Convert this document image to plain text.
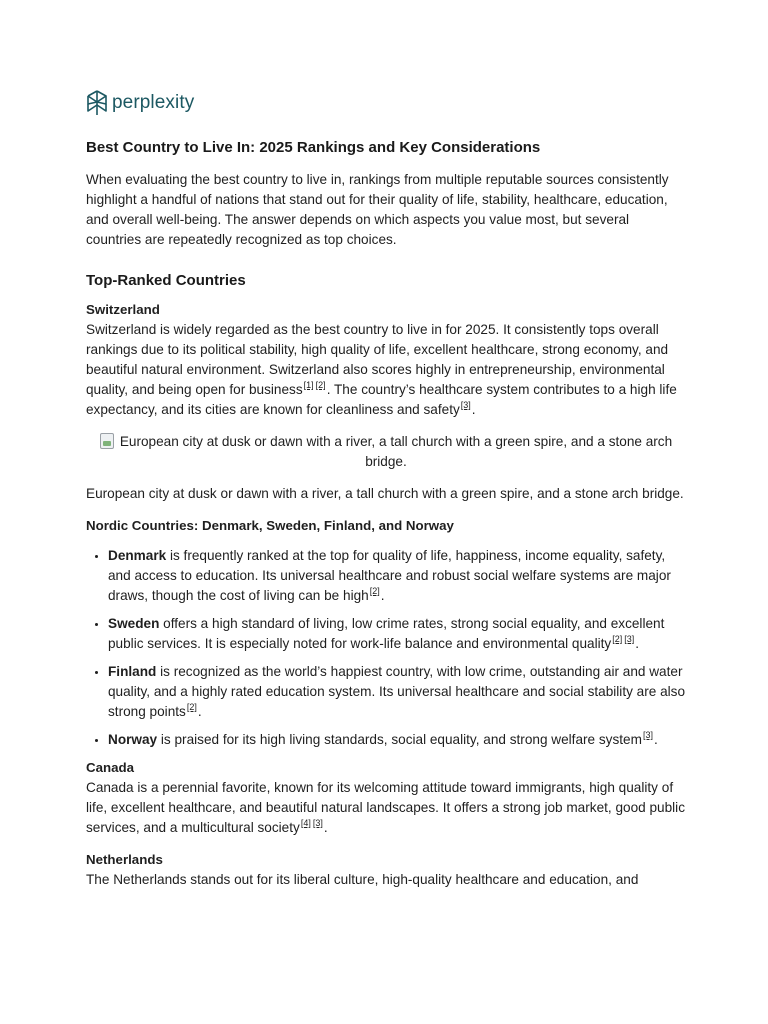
perplexity
Best Country to Live In: 2025 Rankings and Key Considerations

When evaluating the best country to live in, rankings from multiple reputable sources consistently highlight a handful of nations that stand out for their quality of life, stability, healthcare, education, and overall well-being. The answer depends on which aspects you value most, but several countries are repeatedly recognized as top choices.

Top-Ranked Countries

Switzerland

Switzerland is widely regarded as the best country to live in for 2025. It consistently tops overall rankings due to its political stability, high quality of life, excellent healthcare, strong economy, and beautiful natural environment. Switzerland also scores highly in entrepreneurship, environmental quality, and being open for business[1] [2]. The country’s healthcare system contributes to a high life expectancy, and its cities are known for cleanliness and safety[3].

European city at dusk or dawn with a river, a tall church with a green spire, and a stone arch bridge.

European city at dusk or dawn with a river, a tall church with a green spire, and a stone arch bridge.

Nordic Countries: Denmark, Sweden, Finland, and Norway

• Denmark is frequently ranked at the top for quality of life, happiness, income equality, safety, and access to education. Its universal healthcare and robust social welfare systems are major draws, though the cost of living can be high[2].
• Sweden offers a high standard of living, low crime rates, strong social equality, and excellent public services. It is especially noted for work-life balance and environmental quality[2] [3].
• Finland is recognized as the world’s happiest country, with low crime, outstanding air and water quality, and a highly rated education system. Its universal healthcare and social stability are also strong points[2].
• Norway is praised for its high living standards, social equality, and strong welfare system[3].

Canada

Canada is a perennial favorite, known for its welcoming attitude toward immigrants, high quality of life, excellent healthcare, and beautiful natural landscapes. It offers a strong job market, good public services, and a multicultural society[4] [3].

Netherlands

The Netherlands stands out for its liberal culture, high-quality healthcare and education, and
